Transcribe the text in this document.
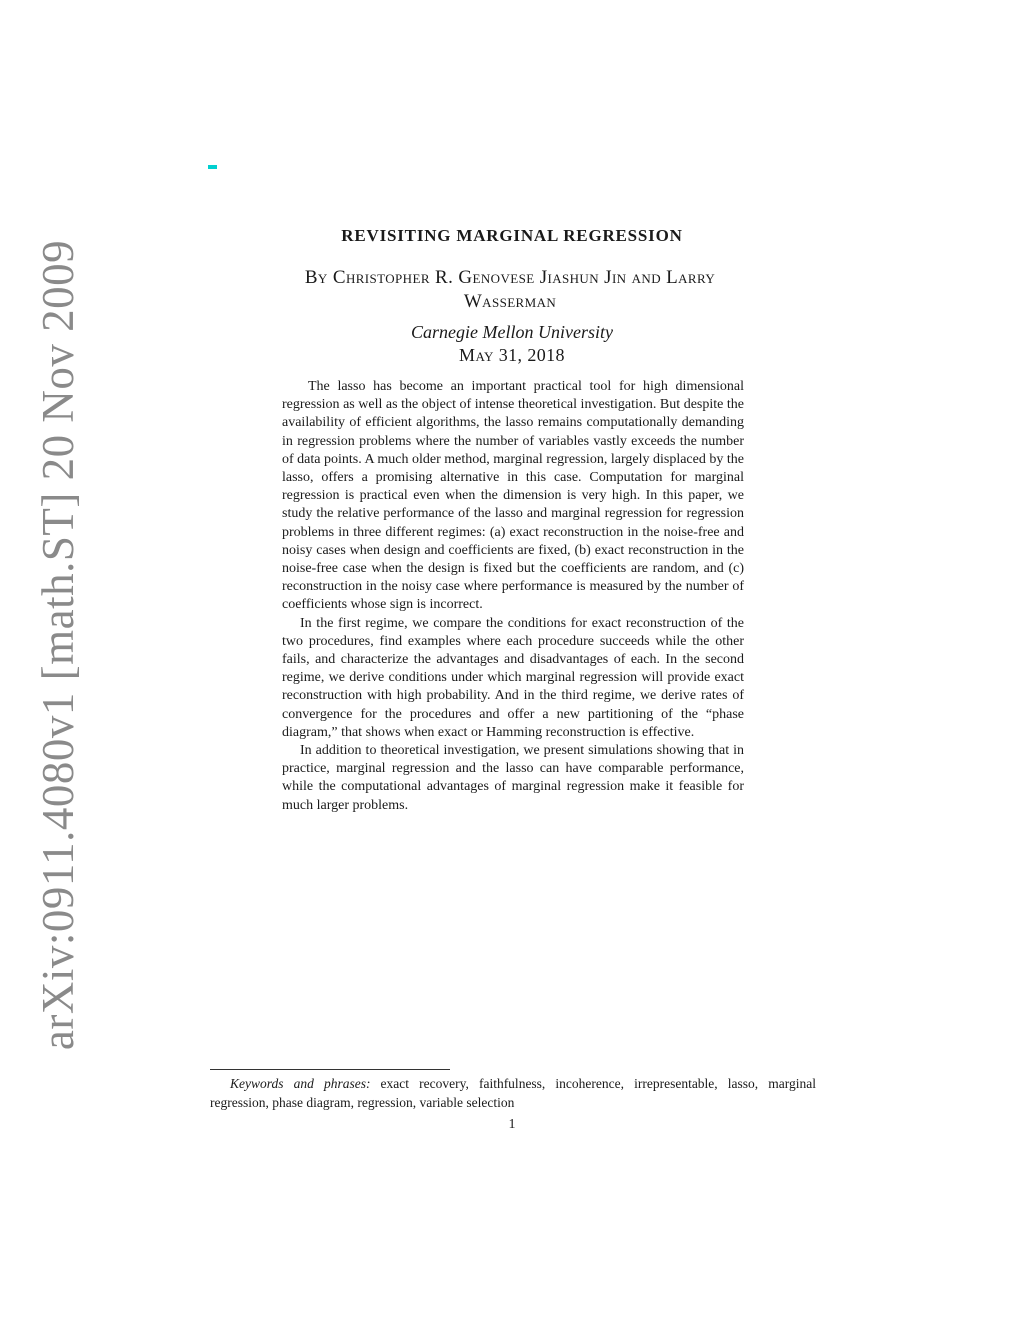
arXiv:0911.4080v1 [math.ST] 20 Nov 2009
REVISITING MARGINAL REGRESSION
By Christopher R. Genovese Jiashun Jin and Larry
Wasserman
Carnegie Mellon University
May 31, 2018

The lasso has become an important practical tool for high dimensional regression as well as the object of intense theoretical investigation. But despite the availability of efficient algorithms, the lasso remains computationally demanding in regression problems where the number of variables vastly exceeds the number of data points. A much older method, marginal regression, largely displaced by the lasso, offers a promising alternative in this case. Computation for marginal regression is practical even when the dimension is very high. In this paper, we study the relative performance of the lasso and marginal regression for regression problems in three different regimes: (a) exact reconstruction in the noise-free and noisy cases when design and coefficients are fixed, (b) exact reconstruction in the noise-free case when the design is fixed but the coefficients are random, and (c) reconstruction in the noisy case where performance is measured by the number of coefficients whose sign is incorrect.

In the first regime, we compare the conditions for exact reconstruction of the two procedures, find examples where each procedure succeeds while the other fails, and characterize the advantages and disadvantages of each. In the second regime, we derive conditions under which marginal regression will provide exact reconstruction with high probability. And in the third regime, we derive rates of convergence for the procedures and offer a new partitioning of the “phase diagram,” that shows when exact or Hamming reconstruction is effective.

In addition to theoretical investigation, we present simulations showing that in practice, marginal regression and the lasso can have comparable performance, while the computational advantages of marginal regression make it feasible for much larger problems.

Keywords and phrases: exact recovery, faithfulness, incoherence, irrepresentable, lasso, marginal regression, phase diagram, regression, variable selection
1
